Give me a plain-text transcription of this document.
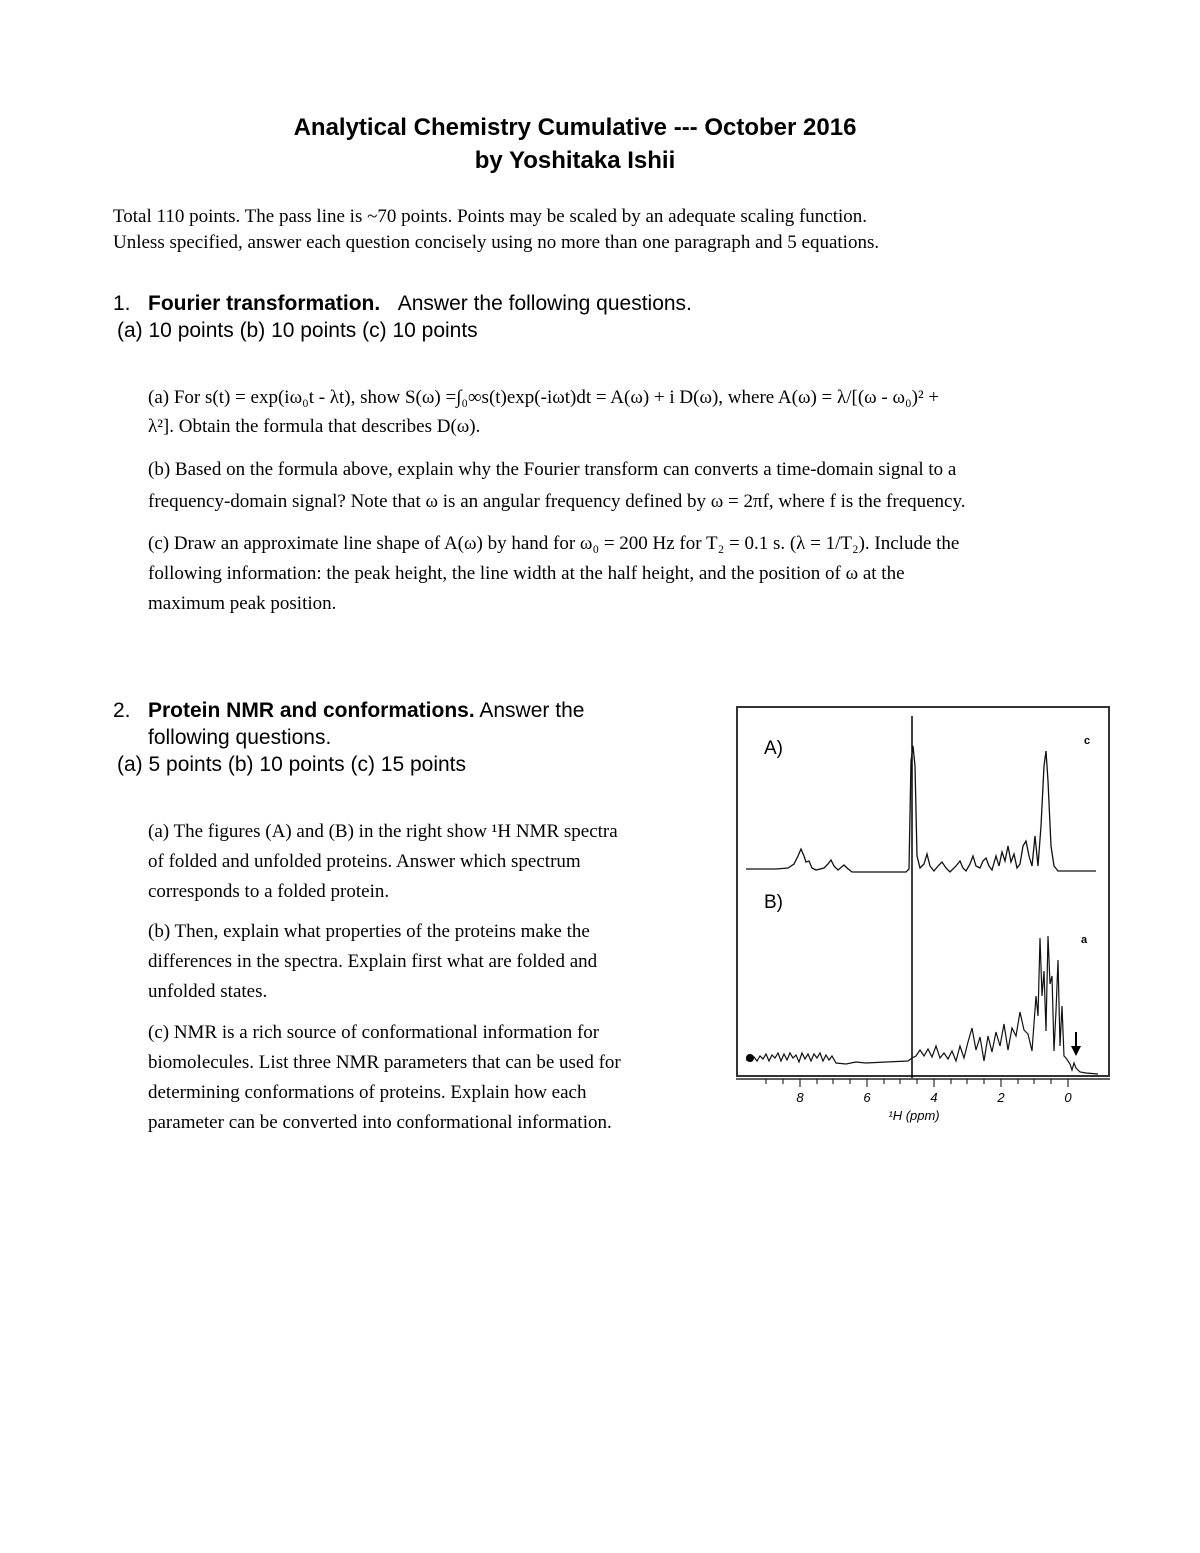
Analytical Chemistry Cumulative --- October 2016
by Yoshitaka Ishii
Total 110 points. The pass line is ~70 points. Points may be scaled by an adequate scaling function.
Unless specified, answer each question concisely using no more than one paragraph and 5 equations.
1. Fourier transformation. Answer the following questions.
(a) 10 points (b) 10 points (c) 10 points
(a) For s(t) = exp(iω₀t - λt), show S(ω) =∫₀∞s(t)exp(-iωt)dt = A(ω) + i D(ω), where A(ω) = λ/[(ω - ω₀)² +
λ²]. Obtain the formula that describes D(ω).
(b) Based on the formula above, explain why the Fourier transform can converts a time-domain signal to a
frequency-domain signal? Note that ω is an angular frequency defined by ω = 2πf, where f is the frequency.
(c) Draw an approximate line shape of A(ω) by hand for ω₀ = 200 Hz for T₂ = 0.1 s. (λ = 1/T₂). Include the
following information: the peak height, the line width at the half height, and the position of ω at the
maximum peak position.
2. Protein NMR and conformations. Answer the
following questions.
(a) 5 points (b) 10 points (c) 15 points
(a) The figures (A) and (B) in the right show ¹H NMR spectra
of folded and unfolded proteins. Answer which spectrum
corresponds to a folded protein.
(b) Then, explain what properties of the proteins make the
differences in the spectra. Explain first what are folded and
unfolded states.
(c) NMR is a rich source of conformational information for
biomolecules. List three NMR parameters that can be used for
determining conformations of proteins. Explain how each
parameter can be converted into conformational information.
A)
B)
c
a
8	6	4	2	0
¹H (ppm)
